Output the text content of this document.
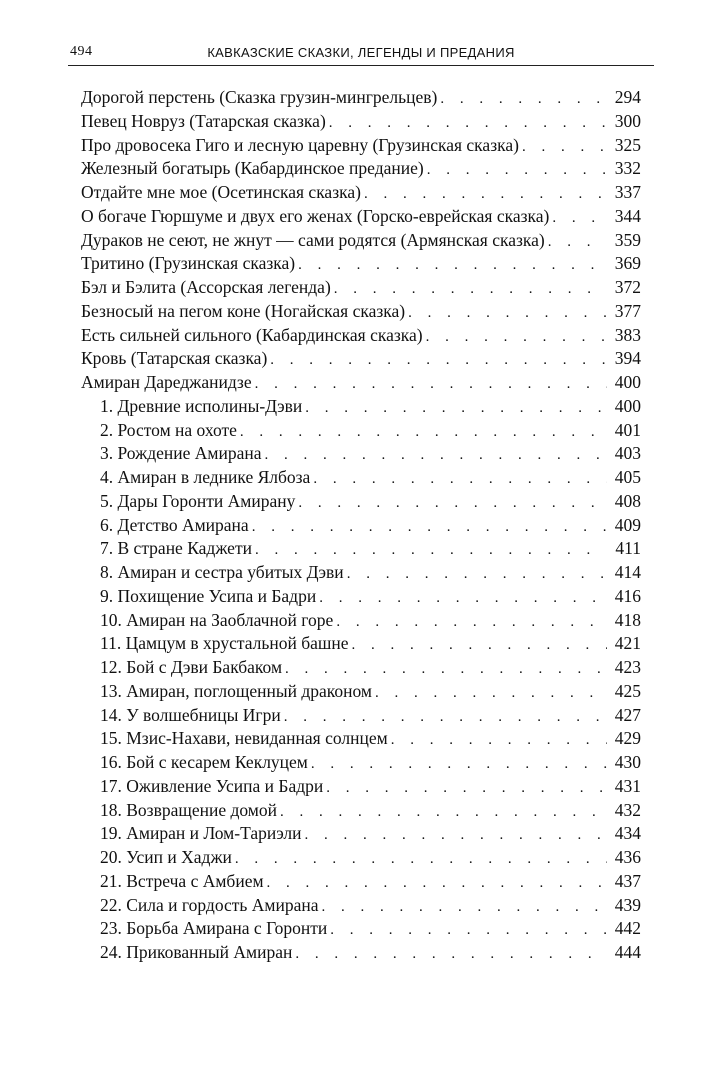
494	КАВКАЗСКИЕ СКАЗКИ, ЛЕГЕНДЫ И ПРЕДАНИЯ
Дорогой перстень (Сказка грузин-мингрельцев) . . .	294
Певец Новруз (Татарская сказка) . . .	300
Про дровосека Гиго и лесную царевну (Грузинская сказка) . . .	325
Железный богатырь (Кабардинское предание) . . .	332
Отдайте мне мое (Осетинская сказка) . . .	337
О богаче Гюршуме и двух его женах (Горско-еврейская сказка) . . .	344
Дураков не сеют, не жнут — сами родятся (Армянская сказка) . . .	359
Тритино (Грузинская сказка) . . .	369
Бэл и Бэлита (Ассорская легенда) . . .	372
Безносый на пегом коне (Ногайская сказка) . . .	377
Есть сильней сильного (Кабардинская сказка) . . .	383
Кровь (Татарская сказка) . . .	394
Амиран Дареджанидзе . . .	400
1. Древние исполины-Дэви . . .	400
2. Ростом на охоте . . .	401
3. Рождение Амирана . . .	403
4. Амиран в леднике Ялбоза . . .	405
5. Дары Горонти Амирану . . .	408
6. Детство Амирана . . .	409
7. В стране Каджети . . .	411
8. Амиран и сестра убитых Дэви . . .	414
9. Похищение Усипа и Бадри . . .	416
10. Амиран на Заоблачной горе . . .	418
11. Цамцум в хрустальной башне . . .	421
12. Бой с Дэви Бакбаком . . .	423
13. Амиран, поглощенный драконом . . .	425
14. У волшебницы Игри . . .	427
15. Мзис-Нахави, невиданная солнцем . . .	429
16. Бой с кесарем Кеклуцем . . .	430
17. Оживление Усипа и Бадри . . .	431
18. Возвращение домой . . .	432
19. Амиран и Лом-Тариэли . . .	434
20. Усип и Хаджи . . .	436
21. Встреча с Амбием . . .	437
22. Сила и гордость Амирана . . .	439
23. Борьба Амирана с Горонти . . .	442
24. Прикованный Амиран . . .	444
